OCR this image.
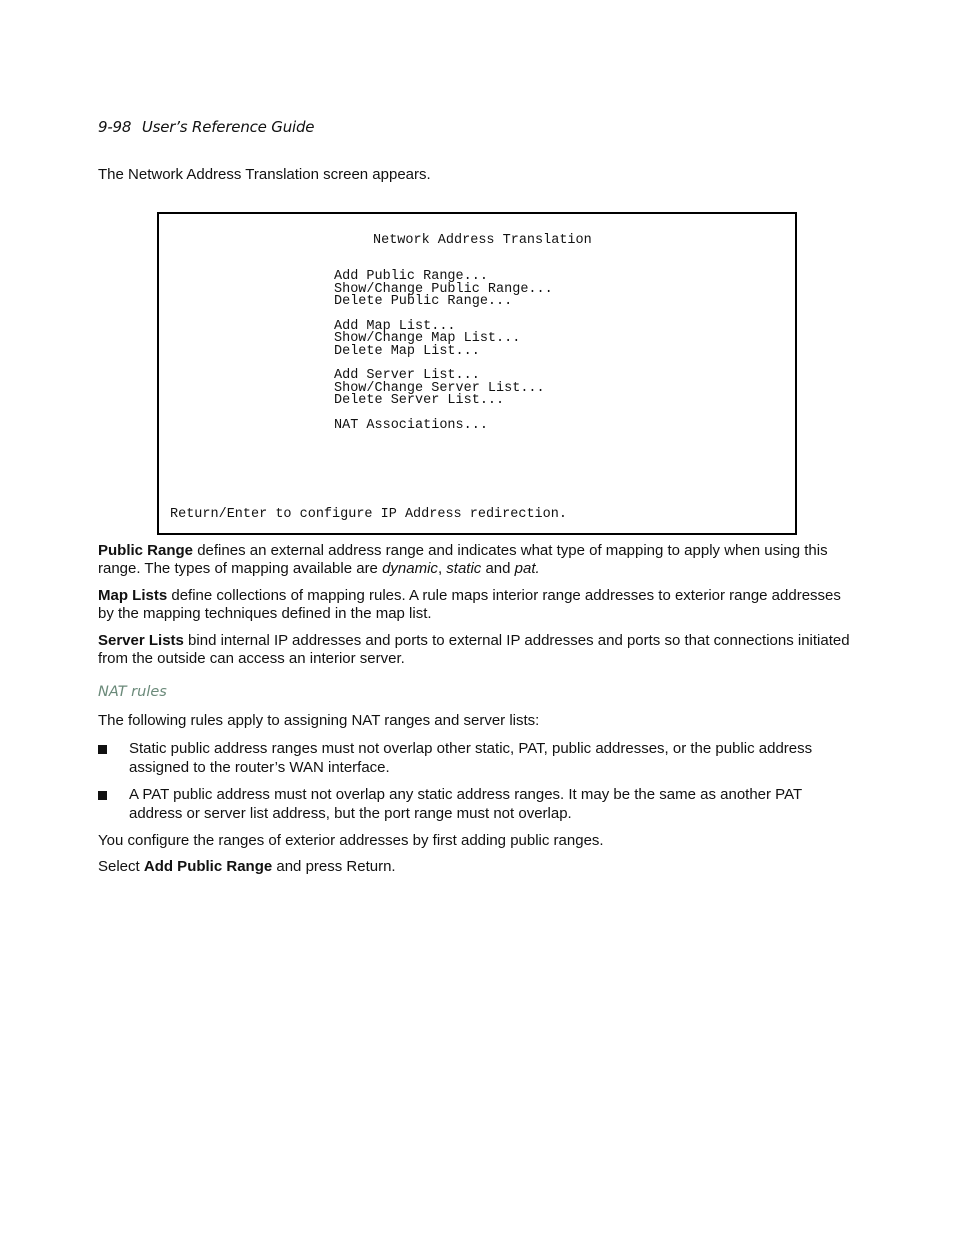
9-98 User’s Reference Guide
The Network Address Translation screen appears.
Network Address Translation
Add Public Range...
Show/Change Public Range...
Delete Public Range...
Add Map List...
Show/Change Map List...
Delete Map List...
Add Server List...
Show/Change Server List...
Delete Server List...
NAT Associations...
Return/Enter to configure IP Address redirection.
Public Range defines an external address range and indicates what type of mapping to apply when using this range. The types of mapping available are dynamic, static and pat.
Map Lists define collections of mapping rules. A rule maps interior range addresses to exterior range addresses by the mapping techniques defined in the map list.
Server Lists bind internal IP addresses and ports to external IP addresses and ports so that connections initiated from the outside can access an interior server.
NAT rules
The following rules apply to assigning NAT ranges and server lists:
Static public address ranges must not overlap other static, PAT, public addresses, or the public address assigned to the router’s WAN interface.
A PAT public address must not overlap any static address ranges. It may be the same as another PAT address or server list address, but the port range must not overlap.
You configure the ranges of exterior addresses by first adding public ranges.
Select Add Public Range and press Return.
